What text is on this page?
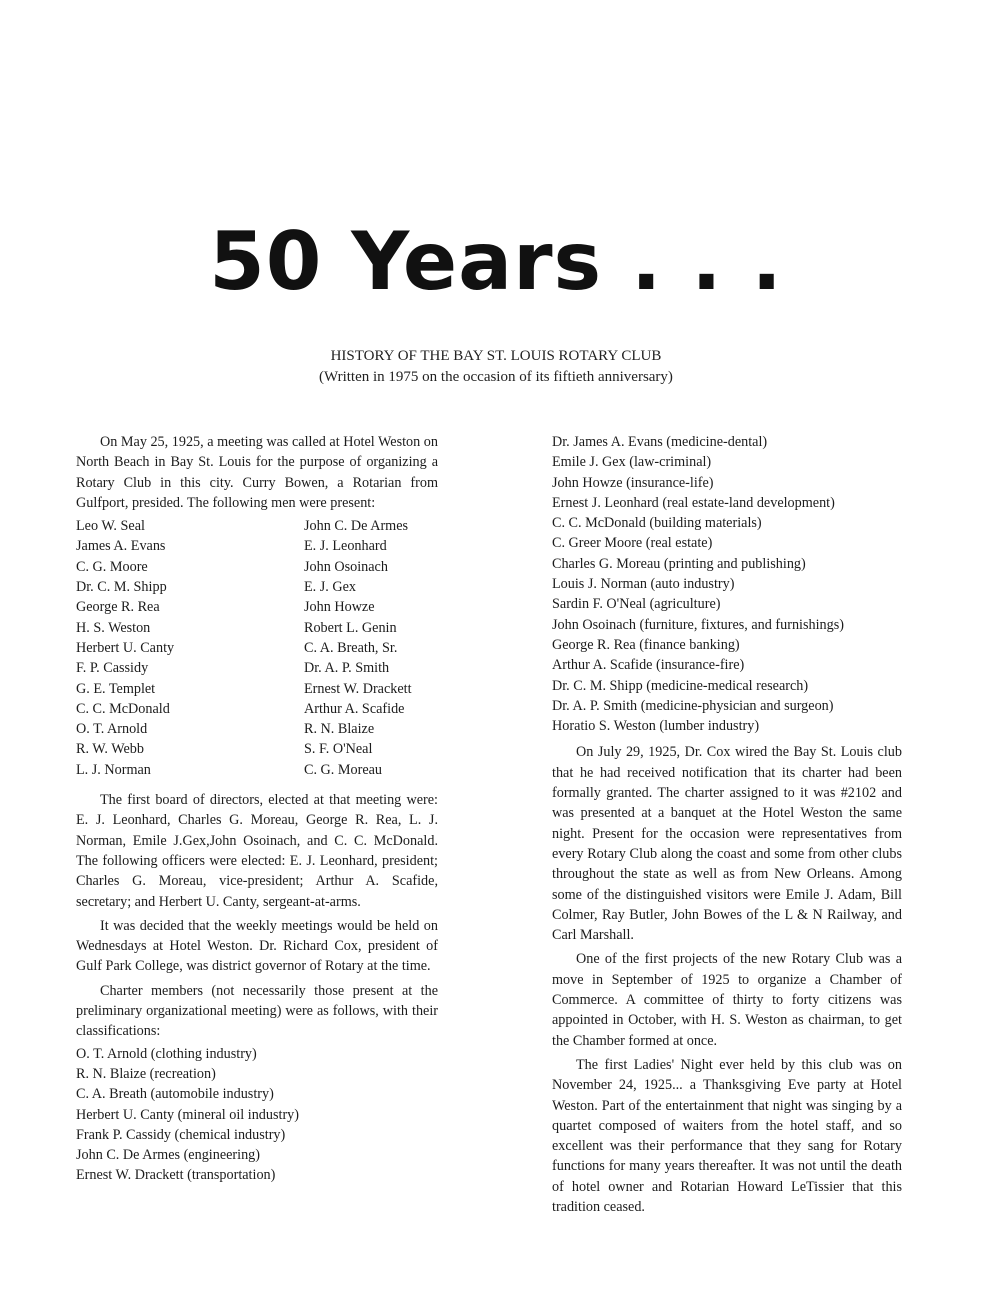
50 Years . . .
HISTORY OF THE BAY ST. LOUIS ROTARY CLUB
(Written in 1975 on the occasion of its fiftieth anniversary)

On May 25, 1925, a meeting was called at Hotel Weston on North Beach in Bay St. Louis for the purpose of organizing a Rotary Club in this city. Curry Bowen, a Rotarian from Gulfport, presided. The following men were present:

Leo W. Seal
James A. Evans
C. G. Moore
Dr. C. M. Shipp
George R. Rea
H. S. Weston
Herbert U. Canty
F. P. Cassidy
G. E. Templet
C. C. McDonald
O. T. Arnold
R. W. Webb
L. J. Norman
John C. De Armes
E. J. Leonhard
John Osoinach
E. J. Gex
John Howze
Robert L. Genin
C. A. Breath, Sr.
Dr. A. P. Smith
Ernest W. Drackett
Arthur A. Scafide
R. N. Blaize
S. F. O'Neal
C. G. Moreau

The first board of directors, elected at that meeting were: E. J. Leonhard, Charles G. Moreau, George R. Rea, L. J. Norman, Emile J.Gex,John Osoinach, and C. C. McDonald. The following officers were elected: E. J. Leonhard, president; Charles G. Moreau, vice-president; Arthur A. Scafide, secretary; and Herbert U. Canty, sergeant-at-arms.

It was decided that the weekly meetings would be held on Wednesdays at Hotel Weston. Dr. Richard Cox, president of Gulf Park College, was district governor of Rotary at the time.

Charter members (not necessarily those present at the preliminary organizational meeting) were as follows, with their classifications:

O. T. Arnold (clothing industry)
R. N. Blaize (recreation)
C. A. Breath (automobile industry)
Herbert U. Canty (mineral oil industry)
Frank P. Cassidy (chemical industry)
John C. De Armes (engineering)
Ernest W. Drackett (transportation)
Dr. James A. Evans (medicine-dental)
Emile J. Gex (law-criminal)
John Howze (insurance-life)
Ernest J. Leonhard (real estate-land development)
C. C. McDonald (building materials)
C. Greer Moore (real estate)
Charles G. Moreau (printing and publishing)
Louis J. Norman (auto industry)
Sardin F. O'Neal (agriculture)
John Osoinach (furniture, fixtures, and furnishings)
George R. Rea (finance banking)
Arthur A. Scafide (insurance-fire)
Dr. C. M. Shipp (medicine-medical research)
Dr. A. P. Smith (medicine-physician and surgeon)
Horatio S. Weston (lumber industry)

On July 29, 1925, Dr. Cox wired the Bay St. Louis club that he had received notification that its charter had been formally granted. The charter assigned to it was #2102 and was presented at a banquet at the Hotel Weston the same night. Present for the occasion were representatives from every Rotary Club along the coast and some from other clubs throughout the state as well as from New Orleans. Among some of the distinguished visitors were Emile J. Adam, Bill Colmer, Ray Butler, John Bowes of the L & N Railway, and Carl Marshall.

One of the first projects of the new Rotary Club was a move in September of 1925 to organize a Chamber of Commerce. A committee of thirty to forty citizens was appointed in October, with H. S. Weston as chairman, to get the Chamber formed at once.

The first Ladies' Night ever held by this club was on November 24, 1925... a Thanksgiving Eve party at Hotel Weston. Part of the entertainment that night was singing by a quartet composed of waiters from the hotel staff, and so excellent was their performance that they sang for Rotary functions for many years thereafter. It was not until the death of hotel owner and Rotarian Howard LeTissier that this tradition ceased.
